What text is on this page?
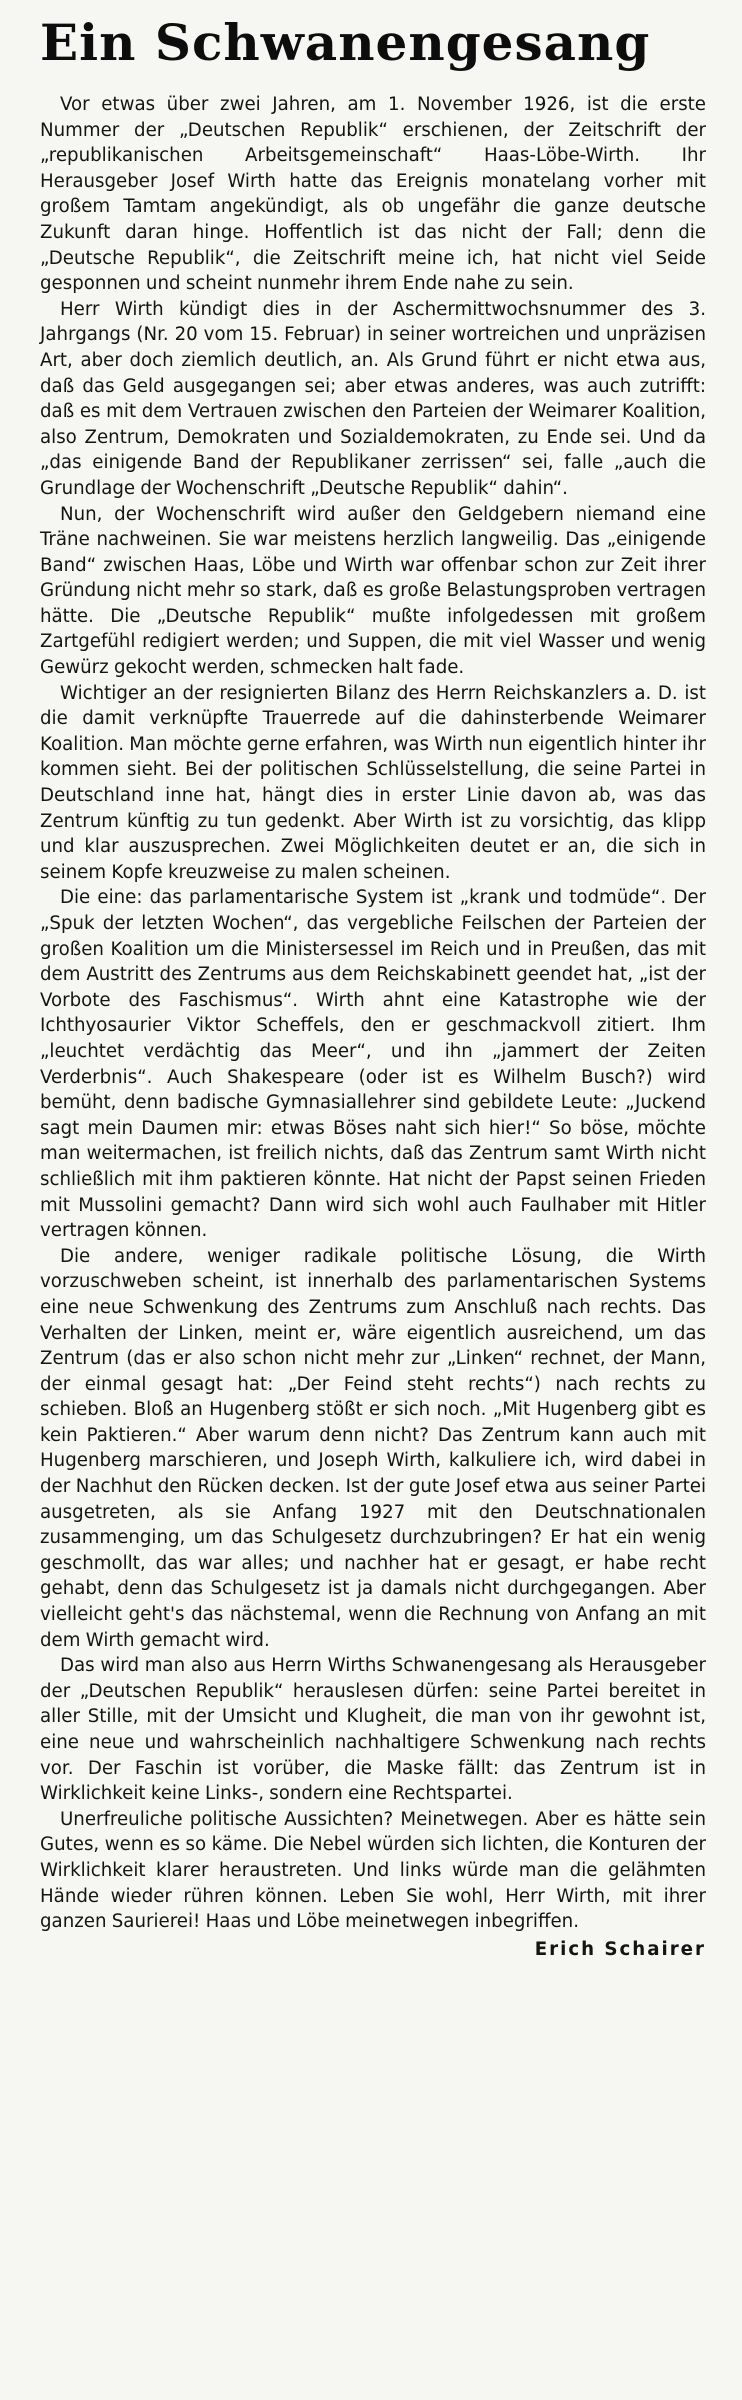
Ein Schwanengesang

Vor etwas über zwei Jahren, am 1. November 1926, ist die erste Nummer der „Deutschen Republik“ erschienen, der Zeitschrift der „republikanischen Arbeitsgemeinschaft“ Haas-Löbe-Wirth. Ihr Herausgeber Josef Wirth hatte das Ereignis monatelang vorher mit großem Tamtam angekündigt, als ob ungefähr die ganze deutsche Zukunft daran hinge. Hoffentlich ist das nicht der Fall; denn die „Deutsche Republik“, die Zeitschrift meine ich, hat nicht viel Seide gesponnen und scheint nunmehr ihrem Ende nahe zu sein.

Herr Wirth kündigt dies in der Aschermittwochsnummer des 3. Jahrgangs (Nr. 20 vom 15. Februar) in seiner wortreichen und unpräzisen Art, aber doch ziemlich deutlich, an. Als Grund führt er nicht etwa aus, daß das Geld ausgegangen sei; aber etwas anderes, was auch zutrifft: daß es mit dem Vertrauen zwischen den Parteien der Weimarer Koalition, also Zentrum, Demokraten und Sozialdemokraten, zu Ende sei. Und da „das einigende Band der Republikaner zerrissen“ sei, falle „auch die Grundlage der Wochenschrift „Deutsche Republik“ dahin“.

Nun, der Wochenschrift wird außer den Geldgebern niemand eine Träne nachweinen. Sie war meistens herzlich langweilig. Das „einigende Band“ zwischen Haas, Löbe und Wirth war offenbar schon zur Zeit ihrer Gründung nicht mehr so stark, daß es große Belastungsproben vertragen hätte. Die „Deutsche Republik“ mußte infolgedessen mit großem Zartgefühl redigiert werden; und Suppen, die mit viel Wasser und wenig Gewürz gekocht werden, schmecken halt fade.

Wichtiger an der resignierten Bilanz des Herrn Reichskanzlers a. D. ist die damit verknüpfte Trauerrede auf die dahinsterbende Weimarer Koalition. Man möchte gerne erfahren, was Wirth nun eigentlich hinter ihr kommen sieht. Bei der politischen Schlüsselstellung, die seine Partei in Deutschland inne hat, hängt dies in erster Linie davon ab, was das Zentrum künftig zu tun gedenkt. Aber Wirth ist zu vorsichtig, das klipp und klar auszusprechen. Zwei Möglichkeiten deutet er an, die sich in seinem Kopfe kreuzweise zu malen scheinen.

Die eine: das parlamentarische System ist „krank und todmüde“. Der „Spuk der letzten Wochen“, das vergebliche Feilschen der Parteien der großen Koalition um die Ministersessel im Reich und in Preußen, das mit dem Austritt des Zentrums aus dem Reichskabinett geendet hat, „ist der Vorbote des Faschismus“. Wirth ahnt eine Katastrophe wie der Ichthyosaurier Viktor Scheffels, den er geschmackvoll zitiert. Ihm „leuchtet verdächtig das Meer“, und ihn „jammert der Zeiten Verderbnis“. Auch Shakespeare (oder ist es Wilhelm Busch?) wird bemüht, denn badische Gymnasiallehrer sind gebildete Leute: „Juckend sagt mein Daumen mir: etwas Böses naht sich hier!“ So böse, möchte man weitermachen, ist freilich nichts, daß das Zentrum samt Wirth nicht schließlich mit ihm paktieren könnte. Hat nicht der Papst seinen Frieden mit Mussolini gemacht? Dann wird sich wohl auch Faulhaber mit Hitler vertragen können.

Die andere, weniger radikale politische Lösung, die Wirth vorzuschweben scheint, ist innerhalb des parlamentarischen Systems eine neue Schwenkung des Zentrums zum Anschluß nach rechts. Das Verhalten der Linken, meint er, wäre eigentlich ausreichend, um das Zentrum (das er also schon nicht mehr zur „Linken“ rechnet, der Mann, der einmal gesagt hat: „Der Feind steht rechts“) nach rechts zu schieben. Bloß an Hugenberg stößt er sich noch. „Mit Hugenberg gibt es kein Paktieren.“ Aber warum denn nicht? Das Zentrum kann auch mit Hugenberg marschieren, und Joseph Wirth, kalkuliere ich, wird dabei in der Nachhut den Rücken decken. Ist der gute Josef etwa aus seiner Partei ausgetreten, als sie Anfang 1927 mit den Deutschnationalen zusammenging, um das Schulgesetz durchzubringen? Er hat ein wenig geschmollt, das war alles; und nachher hat er gesagt, er habe recht gehabt, denn das Schulgesetz ist ja damals nicht durchgegangen. Aber vielleicht geht's das nächstemal, wenn die Rechnung von Anfang an mit dem Wirth gemacht wird.

Das wird man also aus Herrn Wirths Schwanengesang als Herausgeber der „Deutschen Republik“ herauslesen dürfen: seine Partei bereitet in aller Stille, mit der Umsicht und Klugheit, die man von ihr gewohnt ist, eine neue und wahrscheinlich nachhaltigere Schwenkung nach rechts vor. Der Faschin ist vorüber, die Maske fällt: das Zentrum ist in Wirklichkeit keine Links-, sondern eine Rechtspartei.

Unerfreuliche politische Aussichten? Meinetwegen. Aber es hätte sein Gutes, wenn es so käme. Die Nebel würden sich lichten, die Konturen der Wirklichkeit klarer heraustreten. Und links würde man die gelähmten Hände wieder rühren können. Leben Sie wohl, Herr Wirth, mit ihrer ganzen Saurierei! Haas und Löbe meinetwegen inbegriffen.

Erich Schairer
